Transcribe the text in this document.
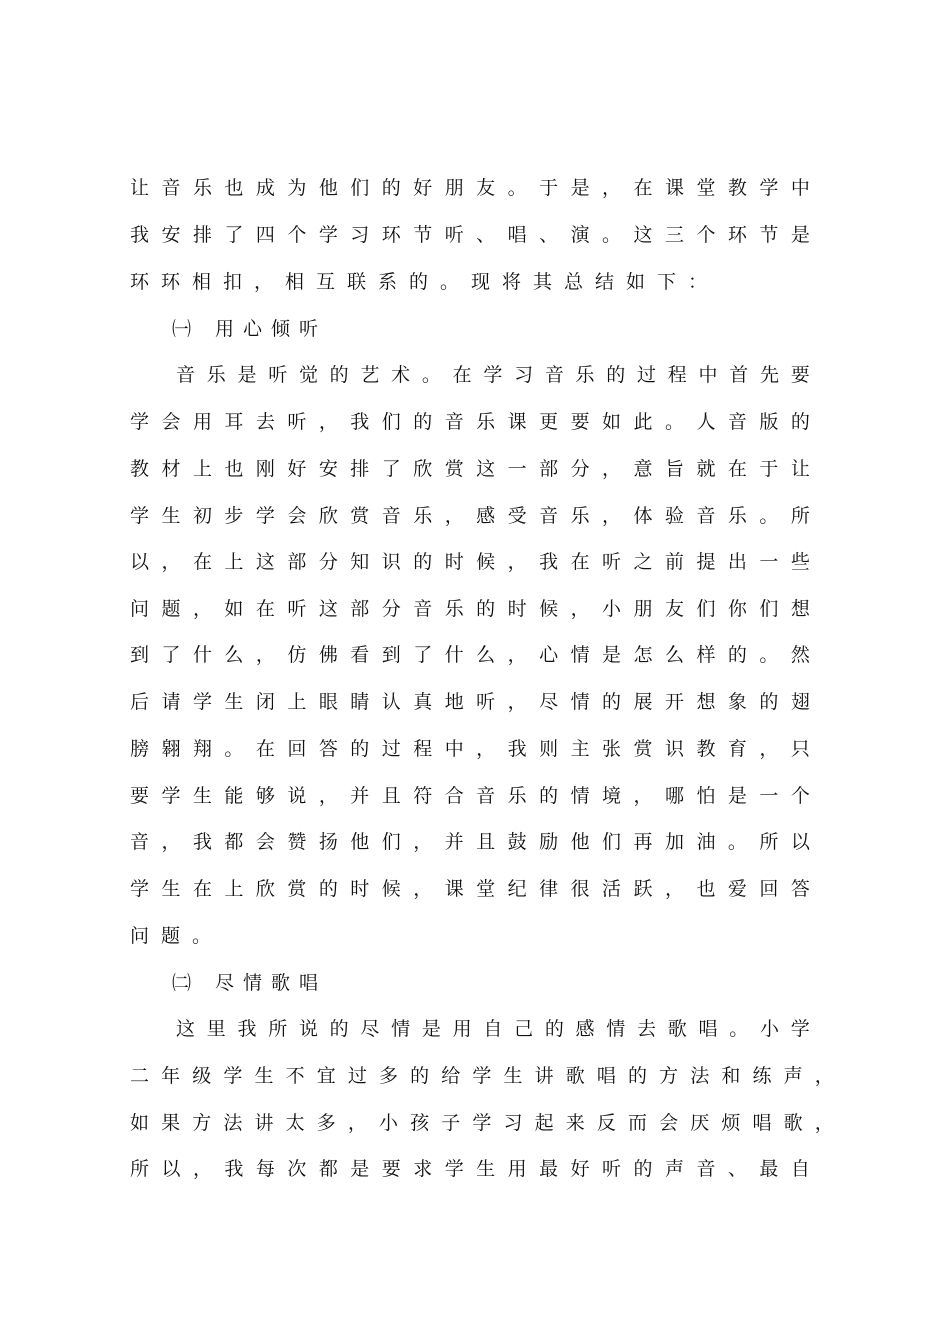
让 音 乐 也 成 为 他 们 的 好 朋 友 。 于 是 ， 在 课 堂 教 学 中
我 安 排 了 四 个 学 习 环 节 听 、 唱 、 演 。 这 三 个 环 节 是
环环相扣，相互联系的。现将其总结如下：
㈠ 用心倾听
音 乐 是 听 觉 的 艺 术 。 在 学 习 音 乐 的 过 程 中 首 先 要
学 会 用 耳 去 听 ， 我 们 的 音 乐 课 更 要 如 此 。 人 音 版 的
教 材 上 也 刚 好 安 排 了 欣 赏 这 一 部 分 ， 意 旨 就 在 于 让
学 生 初 步 学 会 欣 赏 音 乐 ， 感 受 音 乐 ， 体 验 音 乐 。 所
以 ， 在 上 这 部 分 知 识 的 时 候 ， 我 在 听 之 前 提 出 一 些
问 题 ， 如 在 听 这 部 分 音 乐 的 时 候 ， 小 朋 友 们 你 们 想
到 了 什 么 ， 仿 佛 看 到 了 什 么 ， 心 情 是 怎 么 样 的 。 然
后 请 学 生 闭 上 眼 睛 认 真 地 听 ， 尽 情 的 展 开 想 象 的 翅
膀 翱 翔 。 在 回 答 的 过 程 中 ， 我 则 主 张 赏 识 教 育 ， 只
要 学 生 能 够 说 ， 并 且 符 合 音 乐 的 情 境 ， 哪 怕 是 一 个
音 ， 我 都 会 赞 扬 他 们 ， 并 且 鼓 励 他 们 再 加 油 。 所 以
学 生 在 上 欣 赏 的 时 候 ， 课 堂 纪 律 很 活 跃 ， 也 爱 回 答
问题。
㈡ 尽情歌唱
这 里 我 所 说 的 尽 情 是 用 自 己 的 感 情 去 歌 唱 。 小 学
二 年 级 学 生 不 宜 过 多 的 给 学 生 讲 歌 唱 的 方 法 和 练 声 ，
如 果 方 法 讲 太 多 ， 小 孩 子 学 习 起 来 反 而 会 厌 烦 唱 歌 ，
所 以 ， 我 每 次 都 是 要 求 学 生 用 最 好 听 的 声 音 、 最 自
